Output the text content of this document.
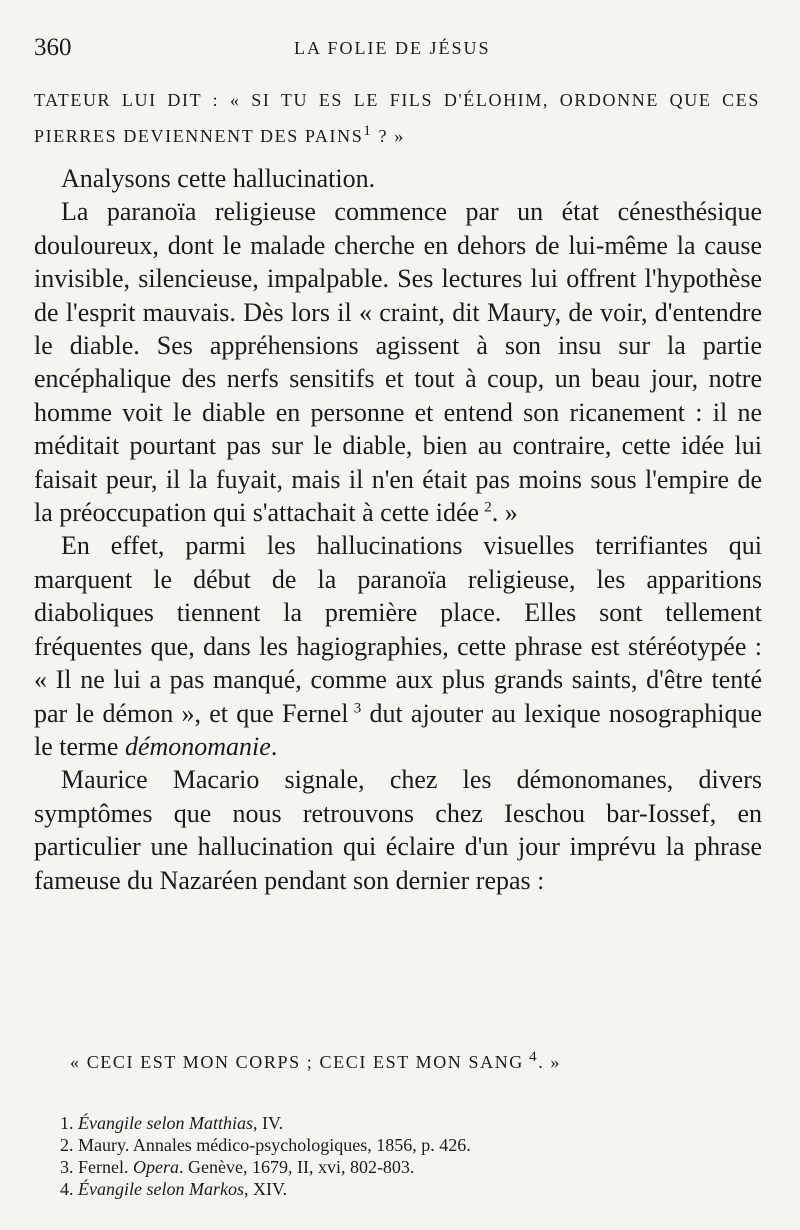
360	LA FOLIE DE JÉSUS
TATEUR LUI DIT : « SI TU ES LE FILS D'ÉLOHIM, ORDONNE QUE CES PIERRES DEVIENNENT DES PAINS$^1$ ? »

Analysons cette hallucination.

La paranoïa religieuse commence par un état cénesthésique douloureux, dont le malade cherche en dehors de lui-même la cause invisible, silencieuse, impalpable. Ses lectures lui offrent l'hypothèse de l'esprit mauvais. Dès lors il « craint, dit Maury, de voir, d'entendre le diable. Ses appréhensions agissent à son insu sur la partie encéphalique des nerfs sensitifs et tout à coup, un beau jour, notre homme voit le diable en personne et entend son ricanement : il ne méditait pourtant pas sur le diable, bien au contraire, cette idée lui faisait peur, il la fuyait, mais il n'en était pas moins sous l'empire de la préoccupation qui s'attachait à cette idée  $^2$. »

En effet, parmi les hallucinations visuelles terrifiantes qui marquent le début de la paranoïa religieuse, les apparitions diaboliques tiennent la première place. Elles sont tellement fréquentes que, dans les hagiographies, cette phrase est stéréotypée : « Il ne lui a pas manqué, comme aux plus grands saints, d'être tenté par le démon », et que Fernel  $^3$ dut ajouter au lexique nosographique le terme démonomanie.

Maurice Macario signale, chez les démonomanes, divers symptômes que nous retrouvons chez Ieschou bar-Iossef, en particulier une hallucination qui éclaire d'un jour imprévu la phrase fameuse du Nazaréen pendant son dernier repas :

« CECI EST MON CORPS ; CECI EST MON SANG  $^4$. »
1. Évangile selon Matthias, IV.
2. Maury. Annales médico-psychologiques, 1856, p. 426.
3. Fernel. Opera. Genève, 1679, II, xvi, 802-803.
4. Évangile selon Markos, XIV.
